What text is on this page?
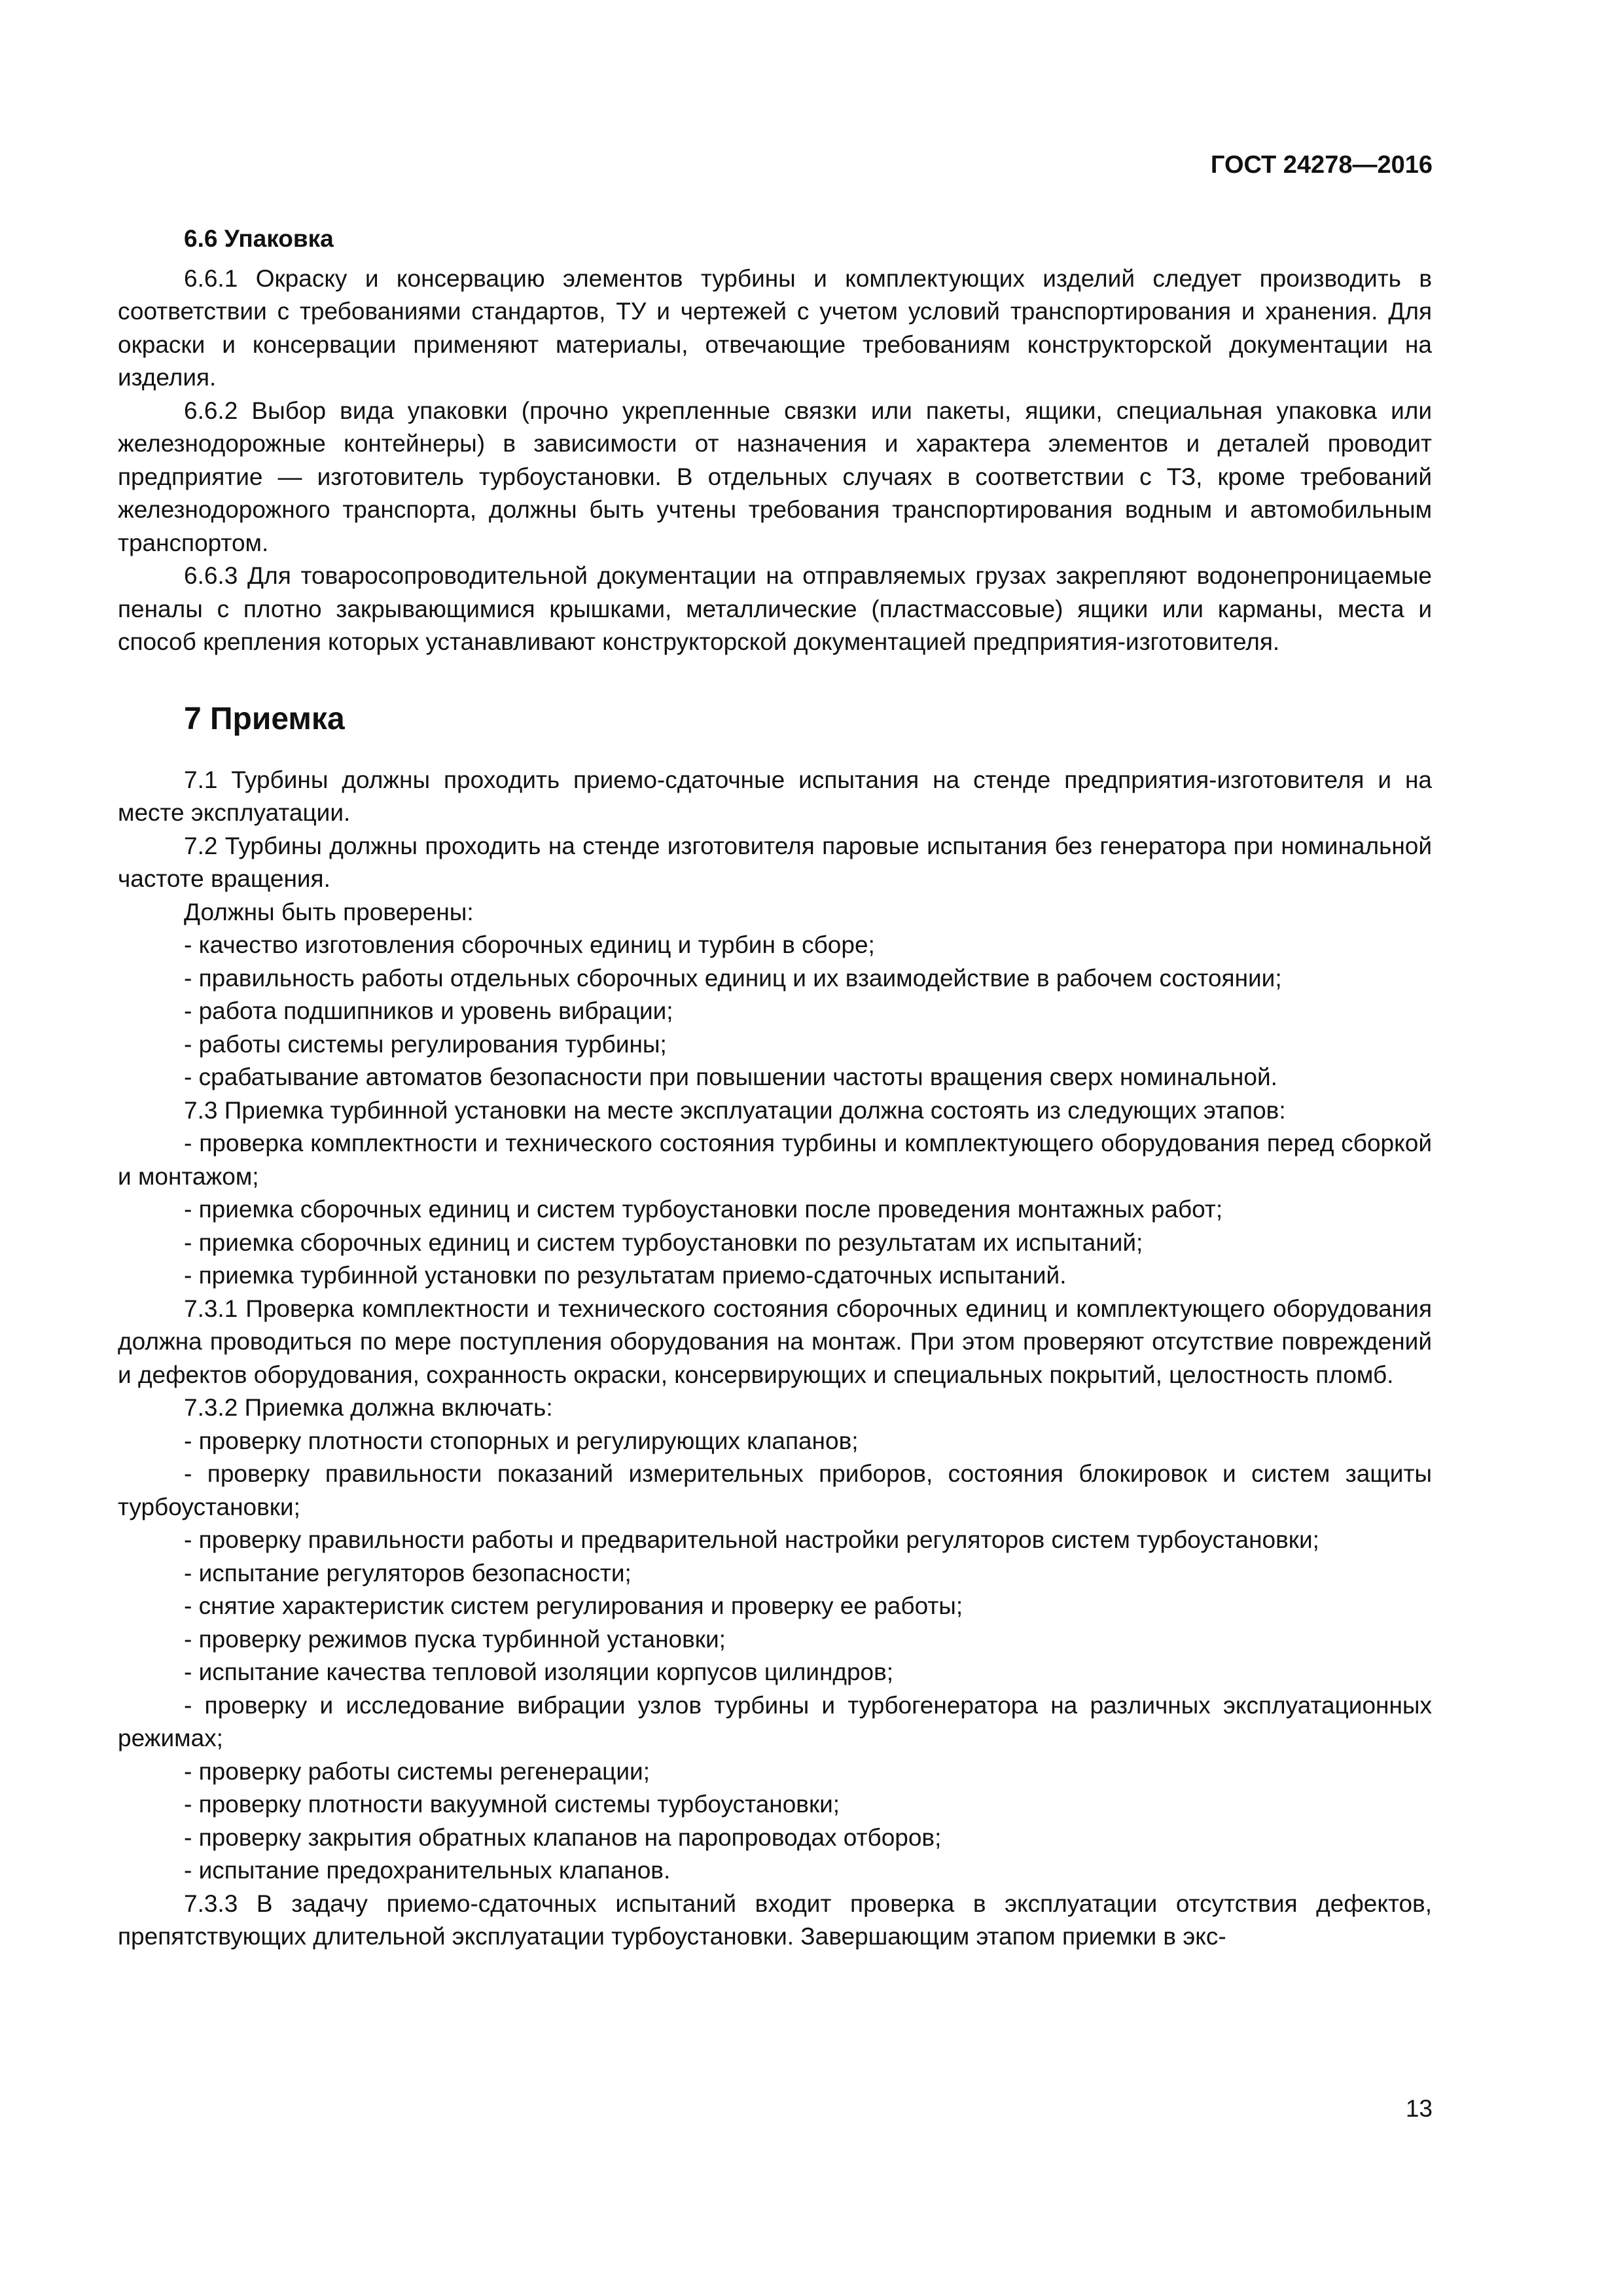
ГОСТ 24278—2016

6.6 Упаковка

6.6.1 Окраску и консервацию элементов турбины и комплектующих изделий следует производить в соответствии с требованиями стандартов, ТУ и чертежей с учетом условий транспортирования и хранения. Для окраски и консервации применяют материалы, отвечающие требованиям конструкторской документации на изделия.

6.6.2 Выбор вида упаковки (прочно укрепленные связки или пакеты, ящики, специальная упаковка или железнодорожные контейнеры) в зависимости от назначения и характера элементов и деталей проводит предприятие — изготовитель турбоустановки. В отдельных случаях в соответствии с ТЗ, кроме требований железнодорожного транспорта, должны быть учтены требования транспортирования водным и автомобильным транспортом.

6.6.3 Для товаросопроводительной документации на отправляемых грузах закрепляют водонепроницаемые пеналы с плотно закрывающимися крышками, металлические (пластмассовые) ящики или карманы, места и способ крепления которых устанавливают конструкторской документацией предприятия-изготовителя.

7 Приемка

7.1 Турбины должны проходить приемо-сдаточные испытания на стенде предприятия-изготовителя и на месте эксплуатации.

7.2 Турбины должны проходить на стенде изготовителя паровые испытания без генератора при номинальной частоте вращения.

Должны быть проверены:

- качество изготовления сборочных единиц и турбин в сборе;

- правильность работы отдельных сборочных единиц и их взаимодействие в рабочем состоянии;

- работа подшипников и уровень вибрации;

- работы системы регулирования турбины;

- срабатывание автоматов безопасности при повышении частоты вращения сверх номинальной.

7.3 Приемка турбинной установки на месте эксплуатации должна состоять из следующих этапов:

- проверка комплектности и технического состояния турбины и комплектующего оборудования перед сборкой и монтажом;

- приемка сборочных единиц и систем турбоустановки после проведения монтажных работ;

- приемка сборочных единиц и систем турбоустановки по результатам их испытаний;

- приемка турбинной установки по результатам приемо-сдаточных испытаний.

7.3.1 Проверка комплектности и технического состояния сборочных единиц и комплектующего оборудования должна проводиться по мере поступления оборудования на монтаж. При этом проверяют отсутствие повреждений и дефектов оборудования, сохранность окраски, консервирующих и специальных покрытий, целостность пломб.

7.3.2 Приемка должна включать:

- проверку плотности стопорных и регулирующих клапанов;

- проверку правильности показаний измерительных приборов, состояния блокировок и систем защиты турбоустановки;

- проверку правильности работы и предварительной настройки регуляторов систем турбоустановки;

- испытание регуляторов безопасности;

- снятие характеристик систем регулирования и проверку ее работы;

- проверку режимов пуска турбинной установки;

- испытание качества тепловой изоляции корпусов цилиндров;

- проверку и исследование вибрации узлов турбины и турбогенератора на различных эксплуатационных режимах;

- проверку работы системы регенерации;

- проверку плотности вакуумной системы турбоустановки;

- проверку закрытия обратных клапанов на паропроводах отборов;

- испытание предохранительных клапанов.

7.3.3 В задачу приемо-сдаточных испытаний входит проверка в эксплуатации отсутствия дефектов, препятствующих длительной эксплуатации турбоустановки. Завершающим этапом приемки в экс-

13
